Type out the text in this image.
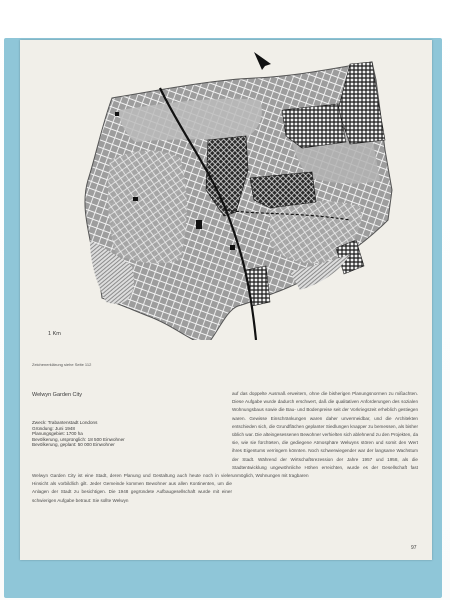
1 Km
Zeichenerklärung siehe Seite 112
Welwyn Garden City
Zweck: Trabantenstadt Londons
Gründung: Juni 1948
Planungsgebiet: 1700 ha
Bevölkerung, ursprünglich: 18 500 Einwohner
Bevölkerung, geplant: 50 000 Einwohner
Welwyn Garden City ist eine Stadt, deren Planung und Gestaltung auch heute noch in vieler Hinsicht als vorbildlich gilt. Jeder Gemeinde kommen Bewohner aus allen Kontinenten, um die Anlagen der Stadt zu besichtigen. Die 1948 gegründete Aufbaugesellschaft wurde mit einer schwierigen Aufgabe betraut: Sie sollte Welwyn
auf das doppelte Ausmaß erweitern, ohne die bisherigen Planungsnormen zu mißachten. Diese Aufgabe wurde dadurch erschwert, daß die qualitativen Anforderungen des sozialen Wohnungsbaus sowie die Bau- und Bodenpreise seit der Vorkriegszeit erheblich gestiegen waren. Gewisse Einschränkungen waren daher unvermeidbar, und die Architekten entschieden sich, die Grundflächen geplanter Siedlungen knapper zu bemessen, als bisher üblich war. Die alteingesessenen Bewohner verhielten sich ablehnend zu den Projekten, da sie, wie sie fürchteten, die gediegene Atmosphäre Welwyns stören und somit den Wert ihres Eigentums verringern könnten. Noch schwerwiegender war der langsame Wachstum der Stadt. Während der Wirtschaftsrezession der Jahre 1957 und 1958, als die Stadtentwicklung ungewöhnliche Höhen erreichten, wurde es der Gesellschaft fast unmöglich, Wohnungen mit tragbaren
97
